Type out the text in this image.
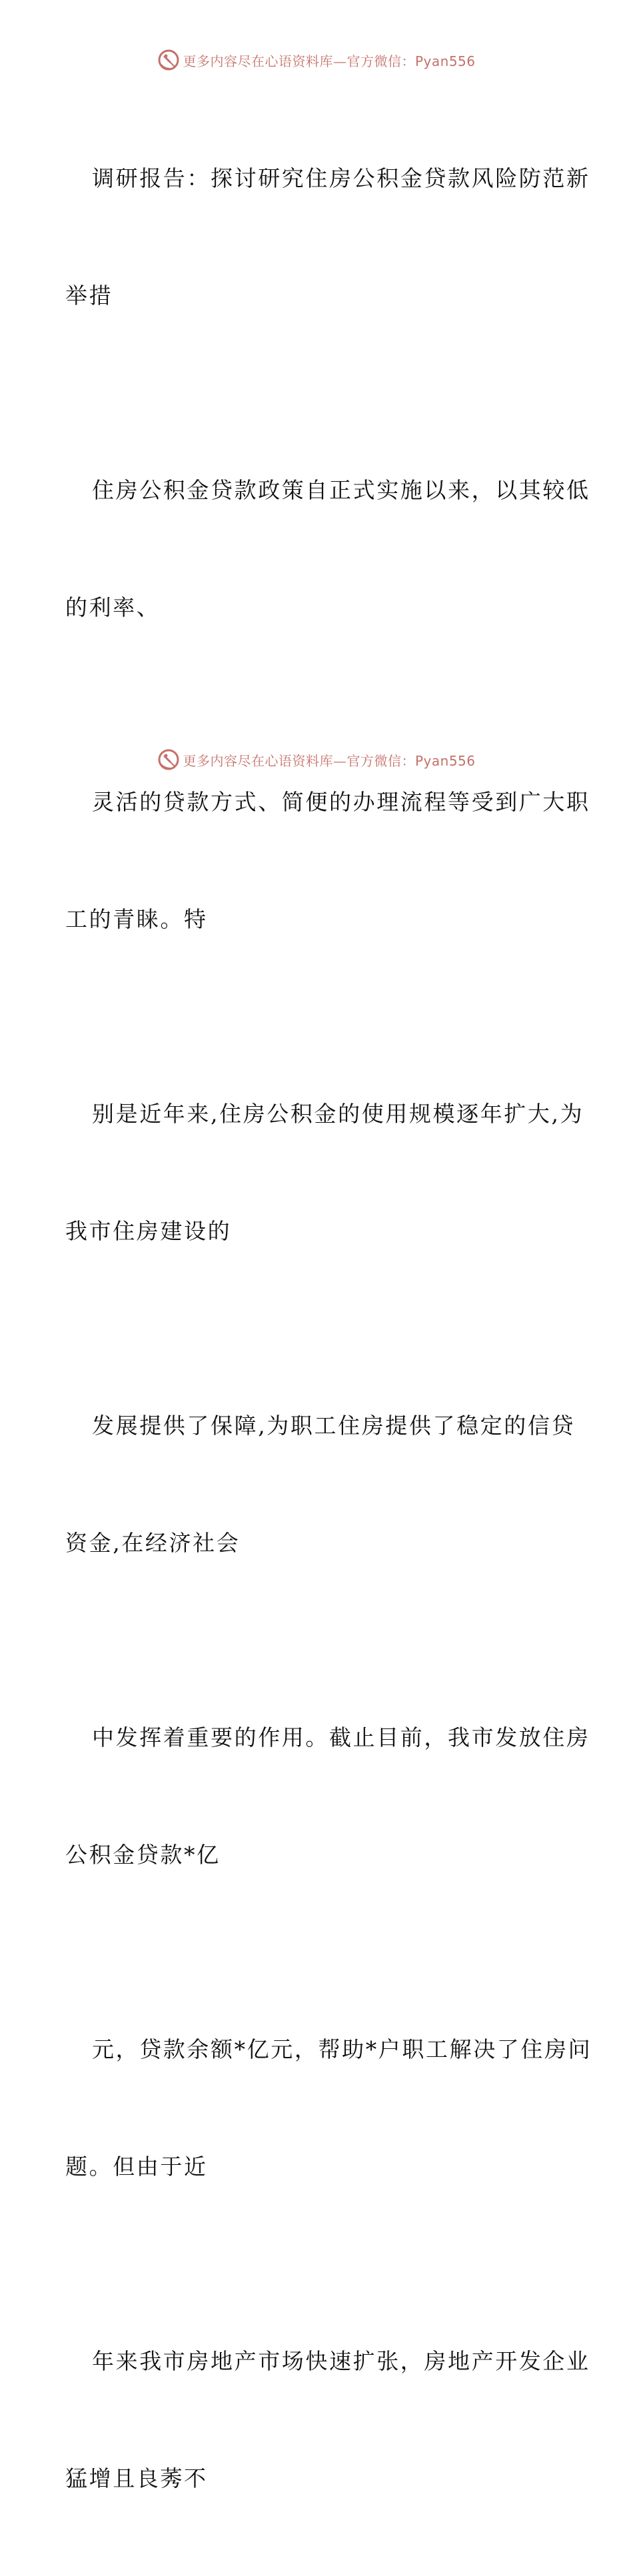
更多内容尽在心语资料库—官方微信：Pyan556

调研报告：探讨研究住房公积金贷款风险防范新

举措

住房公积金贷款政策自正式实施以来，以其较低

的利率、

灵活的贷款方式、简便的办理流程等受到广大职

工的青睐。特

别是近年来,住房公积金的使用规模逐年扩大,为

我市住房建设的

发展提供了保障,为职工住房提供了稳定的信贷

资金,在经济社会

中发挥着重要的作用。截止目前，我市发放住房

公积金贷款*亿

元，贷款余额*亿元，帮助*户职工解决了住房问

题。但由于近

年来我市房地产市场快速扩张，房地产开发企业

猛增且良莠不

更多内容尽在心语资料库—官方微信：Pyan556
